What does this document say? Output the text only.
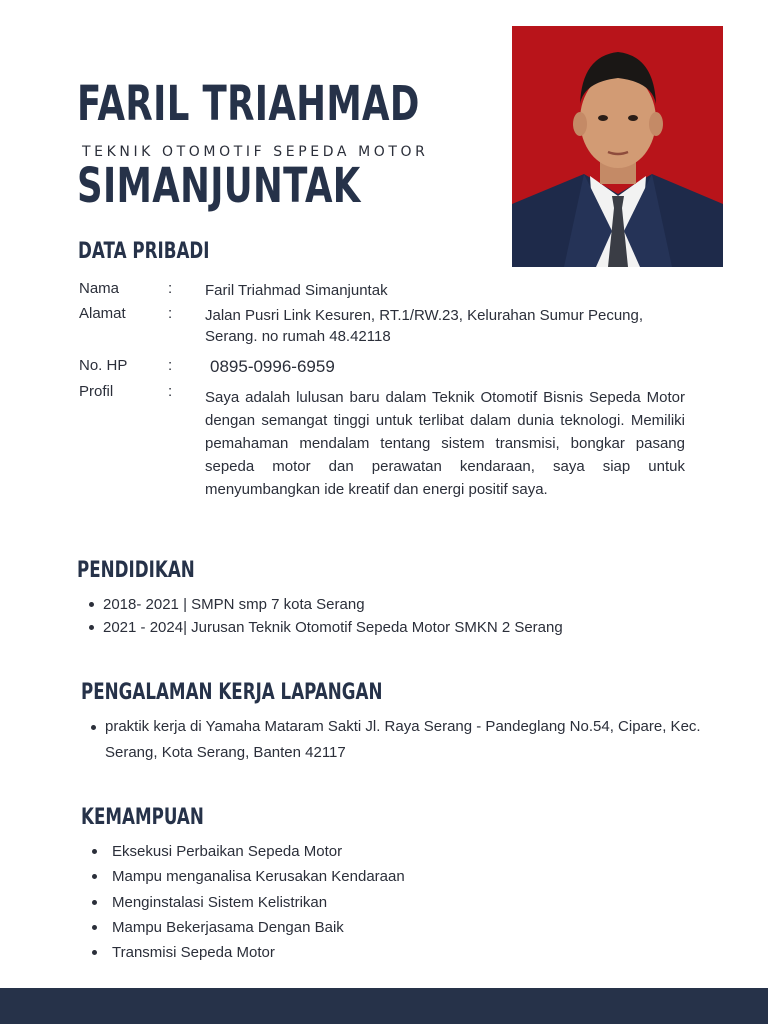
FARIL TRIAHMAD
TEKNIK OTOMOTIF SEPEDA MOTOR
SIMANJUNTAK
DATA PRIBADI
Nama	: Faril Triahmad Simanjuntak
Alamat	: Jalan Pusri Link Kesuren, RT.1/RW.23, Kelurahan Sumur Pecung, Serang. no rumah 48.42118
No. HP	: 0895-0996-6959
Profil	: Saya adalah lulusan baru dalam Teknik Otomotif Bisnis Sepeda Motor dengan semangat tinggi untuk terlibat dalam dunia teknologi. Memiliki pemahaman mendalam tentang sistem transmisi, bongkar pasang sepeda motor dan perawatan kendaraan, saya siap untuk menyumbangkan ide kreatif dan energi positif saya.
PENDIDIKAN
2018- 2021 | SMPN smp 7 kota Serang
2021 - 2024| Jurusan Teknik Otomotif Sepeda Motor SMKN 2 Serang
PENGALAMAN KERJA LAPANGAN
praktik kerja di Yamaha Mataram Sakti Jl. Raya Serang - Pandeglang No.54, Cipare, Kec. Serang, Kota Serang, Banten 42117
KEMAMPUAN
Eksekusi Perbaikan Sepeda Motor
Mampu menganalisa Kerusakan Kendaraan
Menginstalasi Sistem Kelistrikan
Mampu Bekerjasama Dengan Baik
Transmisi Sepeda Motor
